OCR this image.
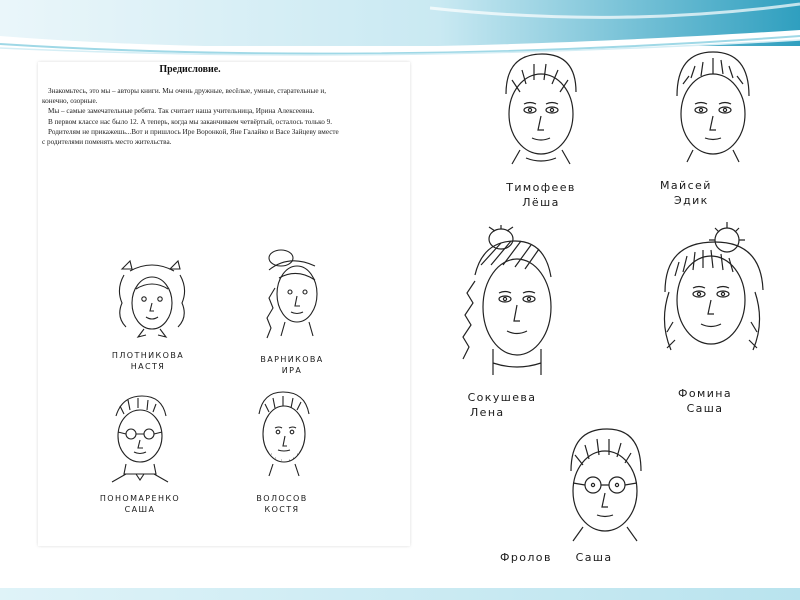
Предисловие.

Знакомьтесь, это мы – авторы книги. Мы очень дружные, весёлые, умные, старательные и, конечно, озорные.

Мы – самые замечательные ребята. Так считает наша учительница, Ирина Алексеевна.

В первом классе нас было 12. А теперь, когда мы заканчиваем четвёртый, осталось только 9.

Родителям не прикажешь...Вот и пришлось Ире Воронкой, Яне Галайко и Васе Зайцеву вместе с родителями поменять место жительства.

ПЛОТНИКОВА
НАСТЯ
ВАРНИКОВА
ИРА
ПОНОМАРЕНКО
САША
ВОЛОСОВ
КОСТЯ
Тимофеев
Лёша
Майсей
Эдик
Сокушева
Лена
Фомина
Саша
Фролов Саша
